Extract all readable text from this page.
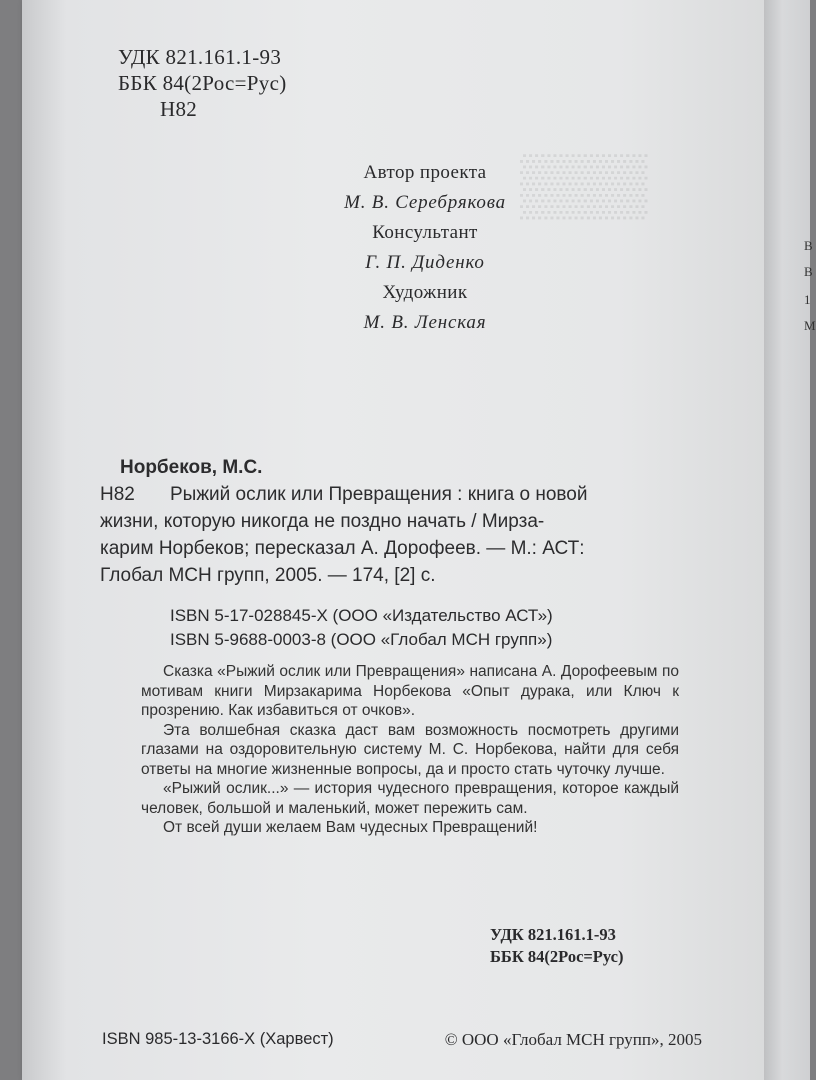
В
В
1
М
УДК 821.161.1-93
ББК 84(2Рос=Рус)
Н82
Автор проекта
М. В. Серебрякова
Консультант
Г. П. Диденко
Художник
М. В. Ленская
Норбеков, М.С.
Н82	Рыжий ослик или Превращения : книга о новой
жизни, которую никогда не поздно начать / Мирза-
карим Норбеков; пересказал А. Дорофеев. — М.: АСТ:
Глобал МСН групп, 2005. — 174, [2] с.
ISBN 5-17-028845-Х (ООО «Издательство АСТ»)
ISBN 5-9688-0003-8 (ООО «Глобал МСН групп»)

Сказка «Рыжий ослик или Превращения» написана А. Дорофеевым по мотивам книги Мирзакарима Норбекова «Опыт дурака, или Ключ к прозрению. Как избавиться от очков».

Эта волшебная сказка даст вам возможность посмотреть другими глазами на оздоровительную систему М. С. Норбекова, найти для себя ответы на многие жизненные вопросы, да и просто стать чуточку лучше.

«Рыжий ослик...» — история чудесного превращения, которое каждый человек, большой и маленький, может пережить сам.

От всей души желаем Вам чудесных Превращений!

УДК 821.161.1-93
ББК 84(2Рос=Рус)
ISBN 985-13-3166-Х (Харвест)	© ООО «Глобал МСН групп», 2005
